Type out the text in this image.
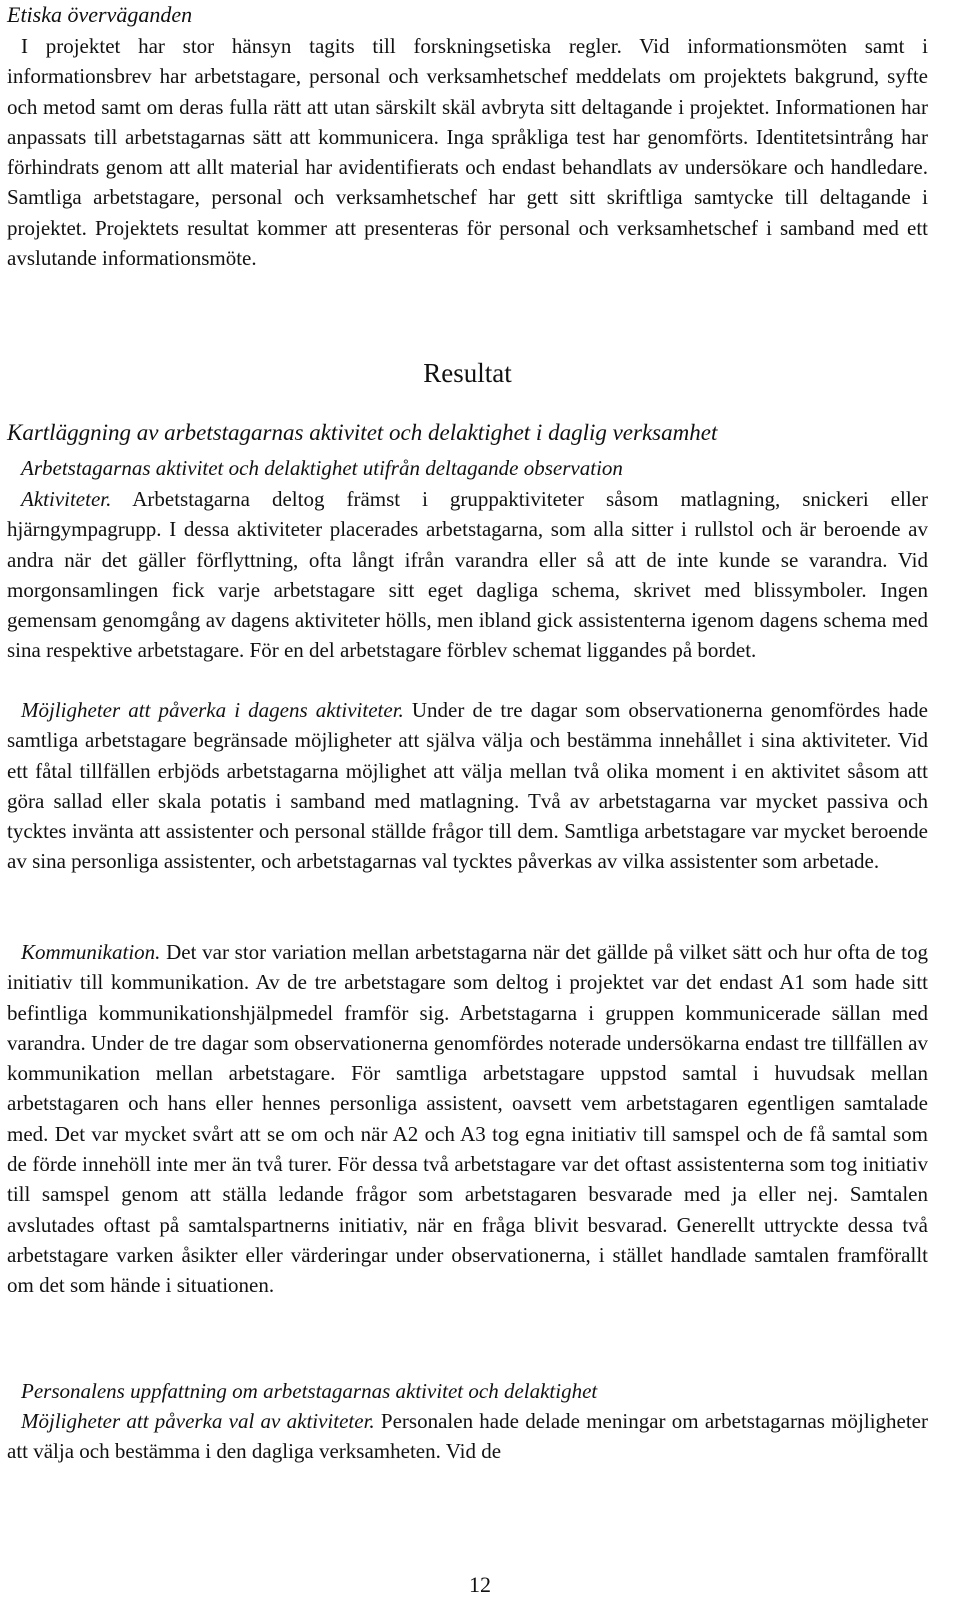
Etiska överväganden

I projektet har stor hänsyn tagits till forskningsetiska regler. Vid informationsmöten samt i informationsbrev har arbetstagare, personal och verksamhetschef meddelats om projektets bakgrund, syfte och metod samt om deras fulla rätt att utan särskilt skäl avbryta sitt deltagande i projektet. Informationen har anpassats till arbetstagarnas sätt att kommunicera. Inga språkliga test har genomförts. Identitetsintrång har förhindrats genom att allt material har avidentifierats och endast behandlats av undersökare och handledare. Samtliga arbetstagare, personal och verksamhetschef har gett sitt skriftliga samtycke till deltagande i projektet. Projektets resultat kommer att presenteras för personal och verksamhetschef i samband med ett avslutande informationsmöte.

Resultat
Kartläggning av arbetstagarnas aktivitet och delaktighet i daglig verksamhet
Arbetstagarnas aktivitet och delaktighet utifrån deltagande observation

Aktiviteter. Arbetstagarna deltog främst i gruppaktiviteter såsom matlagning, snickeri eller hjärngympagrupp. I dessa aktiviteter placerades arbetstagarna, som alla sitter i rullstol och är beroende av andra när det gäller förflyttning, ofta långt ifrån varandra eller så att de inte kunde se varandra. Vid morgonsamlingen fick varje arbetstagare sitt eget dagliga schema, skrivet med blissymboler. Ingen gemensam genomgång av dagens aktiviteter hölls, men ibland gick assistenterna igenom dagens schema med sina respektive arbetstagare. För en del arbetstagare förblev schemat liggandes på bordet.

Möjligheter att påverka i dagens aktiviteter. Under de tre dagar som observationerna genomfördes hade samtliga arbetstagare begränsade möjligheter att själva välja och bestämma innehållet i sina aktiviteter. Vid ett fåtal tillfällen erbjöds arbetstagarna möjlighet att välja mellan två olika moment i en aktivitet såsom att göra sallad eller skala potatis i samband med matlagning. Två av arbetstagarna var mycket passiva och tycktes invänta att assistenter och personal ställde frågor till dem. Samtliga arbetstagare var mycket beroende av sina personliga assistenter, och arbetstagarnas val tycktes påverkas av vilka assistenter som arbetade.

Kommunikation. Det var stor variation mellan arbetstagarna när det gällde på vilket sätt och hur ofta de tog initiativ till kommunikation. Av de tre arbetstagare som deltog i projektet var det endast A1 som hade sitt befintliga kommunikationshjälpmedel framför sig. Arbetstagarna i gruppen kommunicerade sällan med varandra. Under de tre dagar som observationerna genomfördes noterade undersökarna endast tre tillfällen av kommunikation mellan arbetstagare. För samtliga arbetstagare uppstod samtal i huvudsak mellan arbetstagaren och hans eller hennes personliga assistent, oavsett vem arbetstagaren egentligen samtalade med. Det var mycket svårt att se om och när A2 och A3 tog egna initiativ till samspel och de få samtal som de förde innehöll inte mer än två turer. För dessa två arbetstagare var det oftast assistenterna som tog initiativ till samspel genom att ställa ledande frågor som arbetstagaren besvarade med ja eller nej. Samtalen avslutades oftast på samtalspartnerns initiativ, när en fråga blivit besvarad. Generellt uttryckte dessa två arbetstagare varken åsikter eller värderingar under observationerna, i stället handlade samtalen framförallt om det som hände i situationen.

Personalens uppfattning om arbetstagarnas aktivitet och delaktighet

Möjligheter att påverka val av aktiviteter. Personalen hade delade meningar om arbetstagarnas möjligheter att välja och bestämma i den dagliga verksamheten. Vid de

12
